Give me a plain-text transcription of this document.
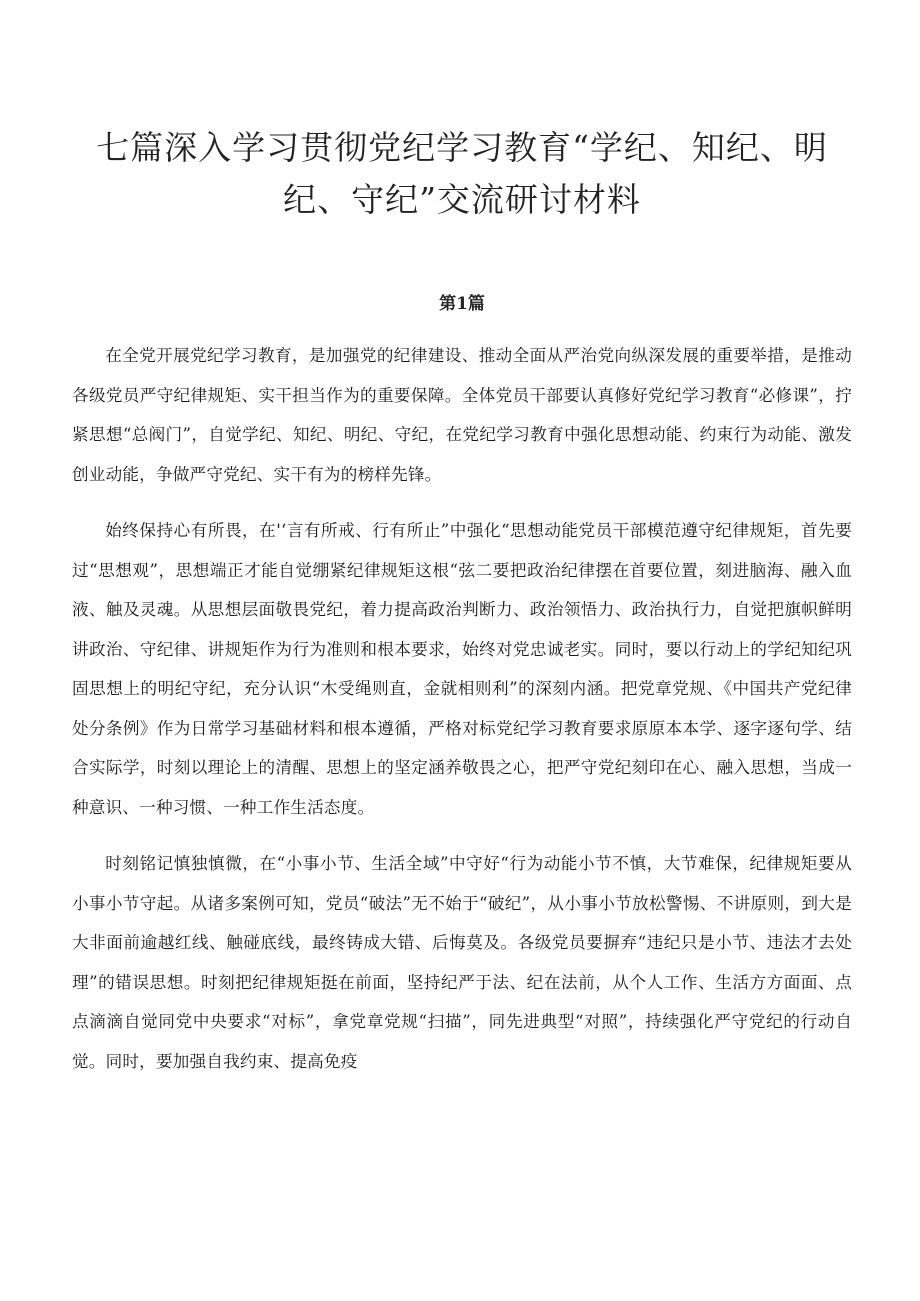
七篇深入学习贯彻党纪学习教育“学纪、知纪、明
纪、守纪”交流研讨材料
第1篇

在全党开展党纪学习教育，是加强党的纪律建设、推动全面从严治党向纵深发展的重要举措，是推动各级党员严守纪律规矩、实干担当作为的重要保障。全体党员干部要认真修好党纪学习教育“必修课”，拧紧思想“总阀门”，自觉学纪、知纪、明纪、守纪，在党纪学习教育中强化思想动能、约束行为动能、激发创业动能，争做严守党纪、实干有为的榜样先锋。

始终保持心有所畏，在'‘言有所戒、行有所止”中强化“思想动能党员干部模范遵守纪律规矩，首先要过“思想观”，思想端正才能自觉绷紧纪律规矩这根“弦二要把政治纪律摆在首要位置，刻进脑海、融入血液、触及灵魂。从思想层面敬畏党纪，着力提高政治判断力、政治领悟力、政治执行力，自觉把旗帜鲜明讲政治、守纪律、讲规矩作为行为准则和根本要求，始终对党忠诚老实。同时，要以行动上的学纪知纪巩固思想上的明纪守纪，充分认识“木受绳则直，金就相则利”的深刻内涵。把党章党规、《中国共产党纪律处分条例》作为日常学习基础材料和根本遵循，严格对标党纪学习教育要求原原本本学、逐字逐句学、结合实际学，时刻以理论上的清醒、思想上的坚定涵养敬畏之心，把严守党纪刻印在心、融入思想，当成一种意识、一种习惯、一种工作生活态度。

时刻铭记慎独慎微，在“小事小节、生活全域”中守好“行为动能小节不慎，大节难保，纪律规矩要从小事小节守起。从诸多案例可知，党员“破法”无不始于“破纪”，从小事小节放松警惕、不讲原则，到大是大非面前逾越红线、触碰底线，最终铸成大错、后悔莫及。各级党员要摒弃“违纪只是小节、违法才去处理”的错误思想。时刻把纪律规矩挺在前面，坚持纪严于法、纪在法前，从个人工作、生活方方面面、点点滴滴自觉同党中央要求“对标”，拿党章党规“扫描”，同先进典型“对照”，持续强化严守党纪的行动自觉。同时，要加强自我约束、提高免疫
